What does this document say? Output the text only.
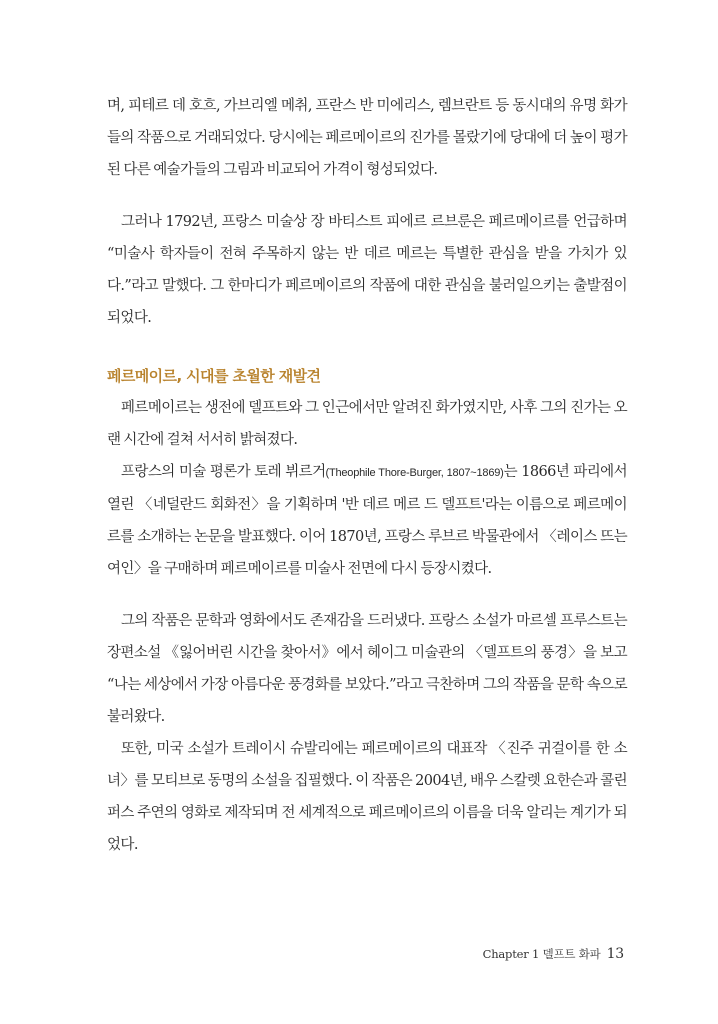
며, 피테르 데 호흐, 가브리엘 메취, 프란스 반 미에리스, 렘브란트 등 동시대의 유명 화가들의 작품으로 거래되었다. 당시에는 페르메이르의 진가를 몰랐기에 당대에 더 높이 평가된 다른 예술가들의 그림과 비교되어 가격이 형성되었다.

그러나 1792년, 프랑스 미술상 장 바티스트 피에르 르브룬은 페르메이르를 언급하며 “미술사 학자들이 전혀 주목하지 않는 반 데르 메르는 특별한 관심을 받을 가치가 있다.”라고 말했다. 그 한마디가 페르메이르의 작품에 대한 관심을 불러일으키는 출발점이 되었다.

페르메이르, 시대를 초월한 재발견

페르메이르는 생전에 델프트와 그 인근에서만 알려진 화가였지만, 사후 그의 진가는 오랜 시간에 걸쳐 서서히 밝혀졌다.

프랑스의 미술 평론가 토레 뷔르거(Theophile Thore-Burger, 1807~1869)는 1866년 파리에서 열린 〈네덜란드 회화전〉을 기획하며 '반 데르 메르 드 델프트'라는 이름으로 페르메이르를 소개하는 논문을 발표했다. 이어 1870년, 프랑스 루브르 박물관에서 〈레이스 뜨는 여인〉을 구매하며 페르메이르를 미술사 전면에 다시 등장시켰다.

그의 작품은 문학과 영화에서도 존재감을 드러냈다. 프랑스 소설가 마르셀 프루스트는 장편소설 《잃어버린 시간을 찾아서》에서 헤이그 미술관의 〈델프트의 풍경〉을 보고 “나는 세상에서 가장 아름다운 풍경화를 보았다.”라고 극찬하며 그의 작품을 문학 속으로 불러왔다.

또한, 미국 소설가 트레이시 슈발리에는 페르메이르의 대표작 〈진주 귀걸이를 한 소녀〉를 모티브로 동명의 소설을 집필했다. 이 작품은 2004년, 배우 스칼렛 요한슨과 콜린 퍼스 주연의 영화로 제작되며 전 세계적으로 페르메이르의 이름을 더욱 알리는 계기가 되었다.

Chapter 1 델프트 화파 13
